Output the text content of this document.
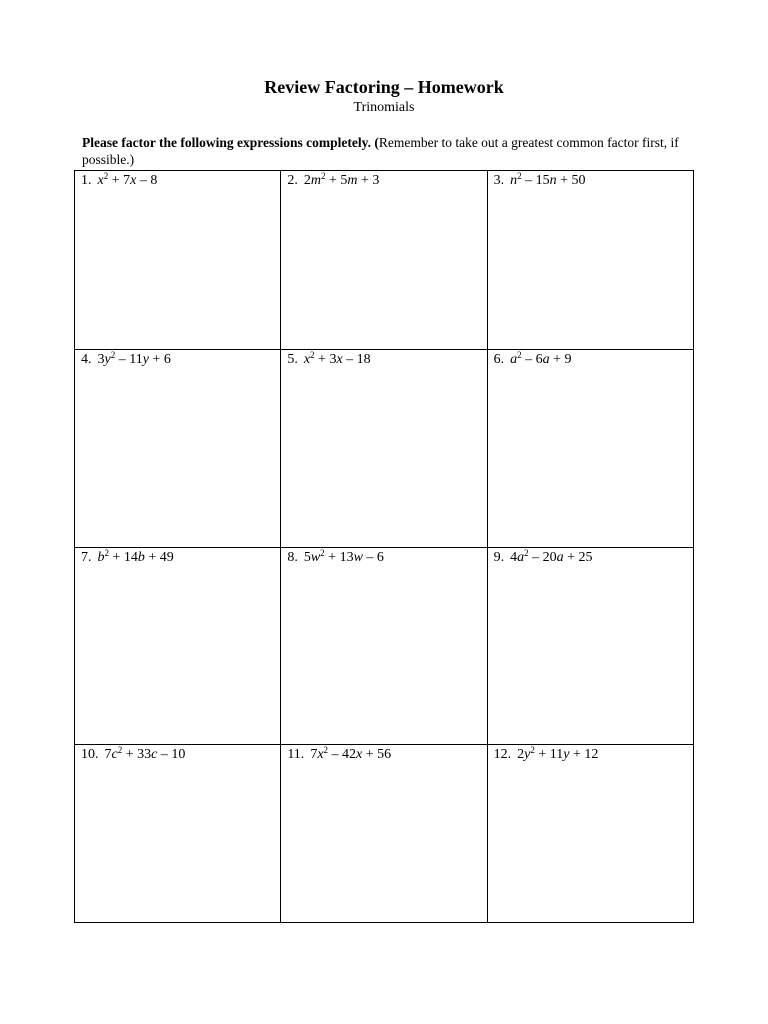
Review Factoring – Homework
Trinomials
Please factor the following expressions completely. (Remember to take out a greatest common factor first, if possible.)
1. $x^2 + 7x - 8$	2. $2m^2 + 5m + 3$	3. $n^2 - 15n + 50$

4. $3y^2 - 11y + 6$	5. $x^2 + 3x - 18$	6. $a^2 - 6a + 9$

7. $b^2 + 14b + 49$	8. $5w^2 + 13w - 6$	9. $4a^2 - 20a + 25$

10. $7c^2 + 33c - 10$	11. $7x^2 - 42x + 56$	12. $2y^2 + 11y + 12$
